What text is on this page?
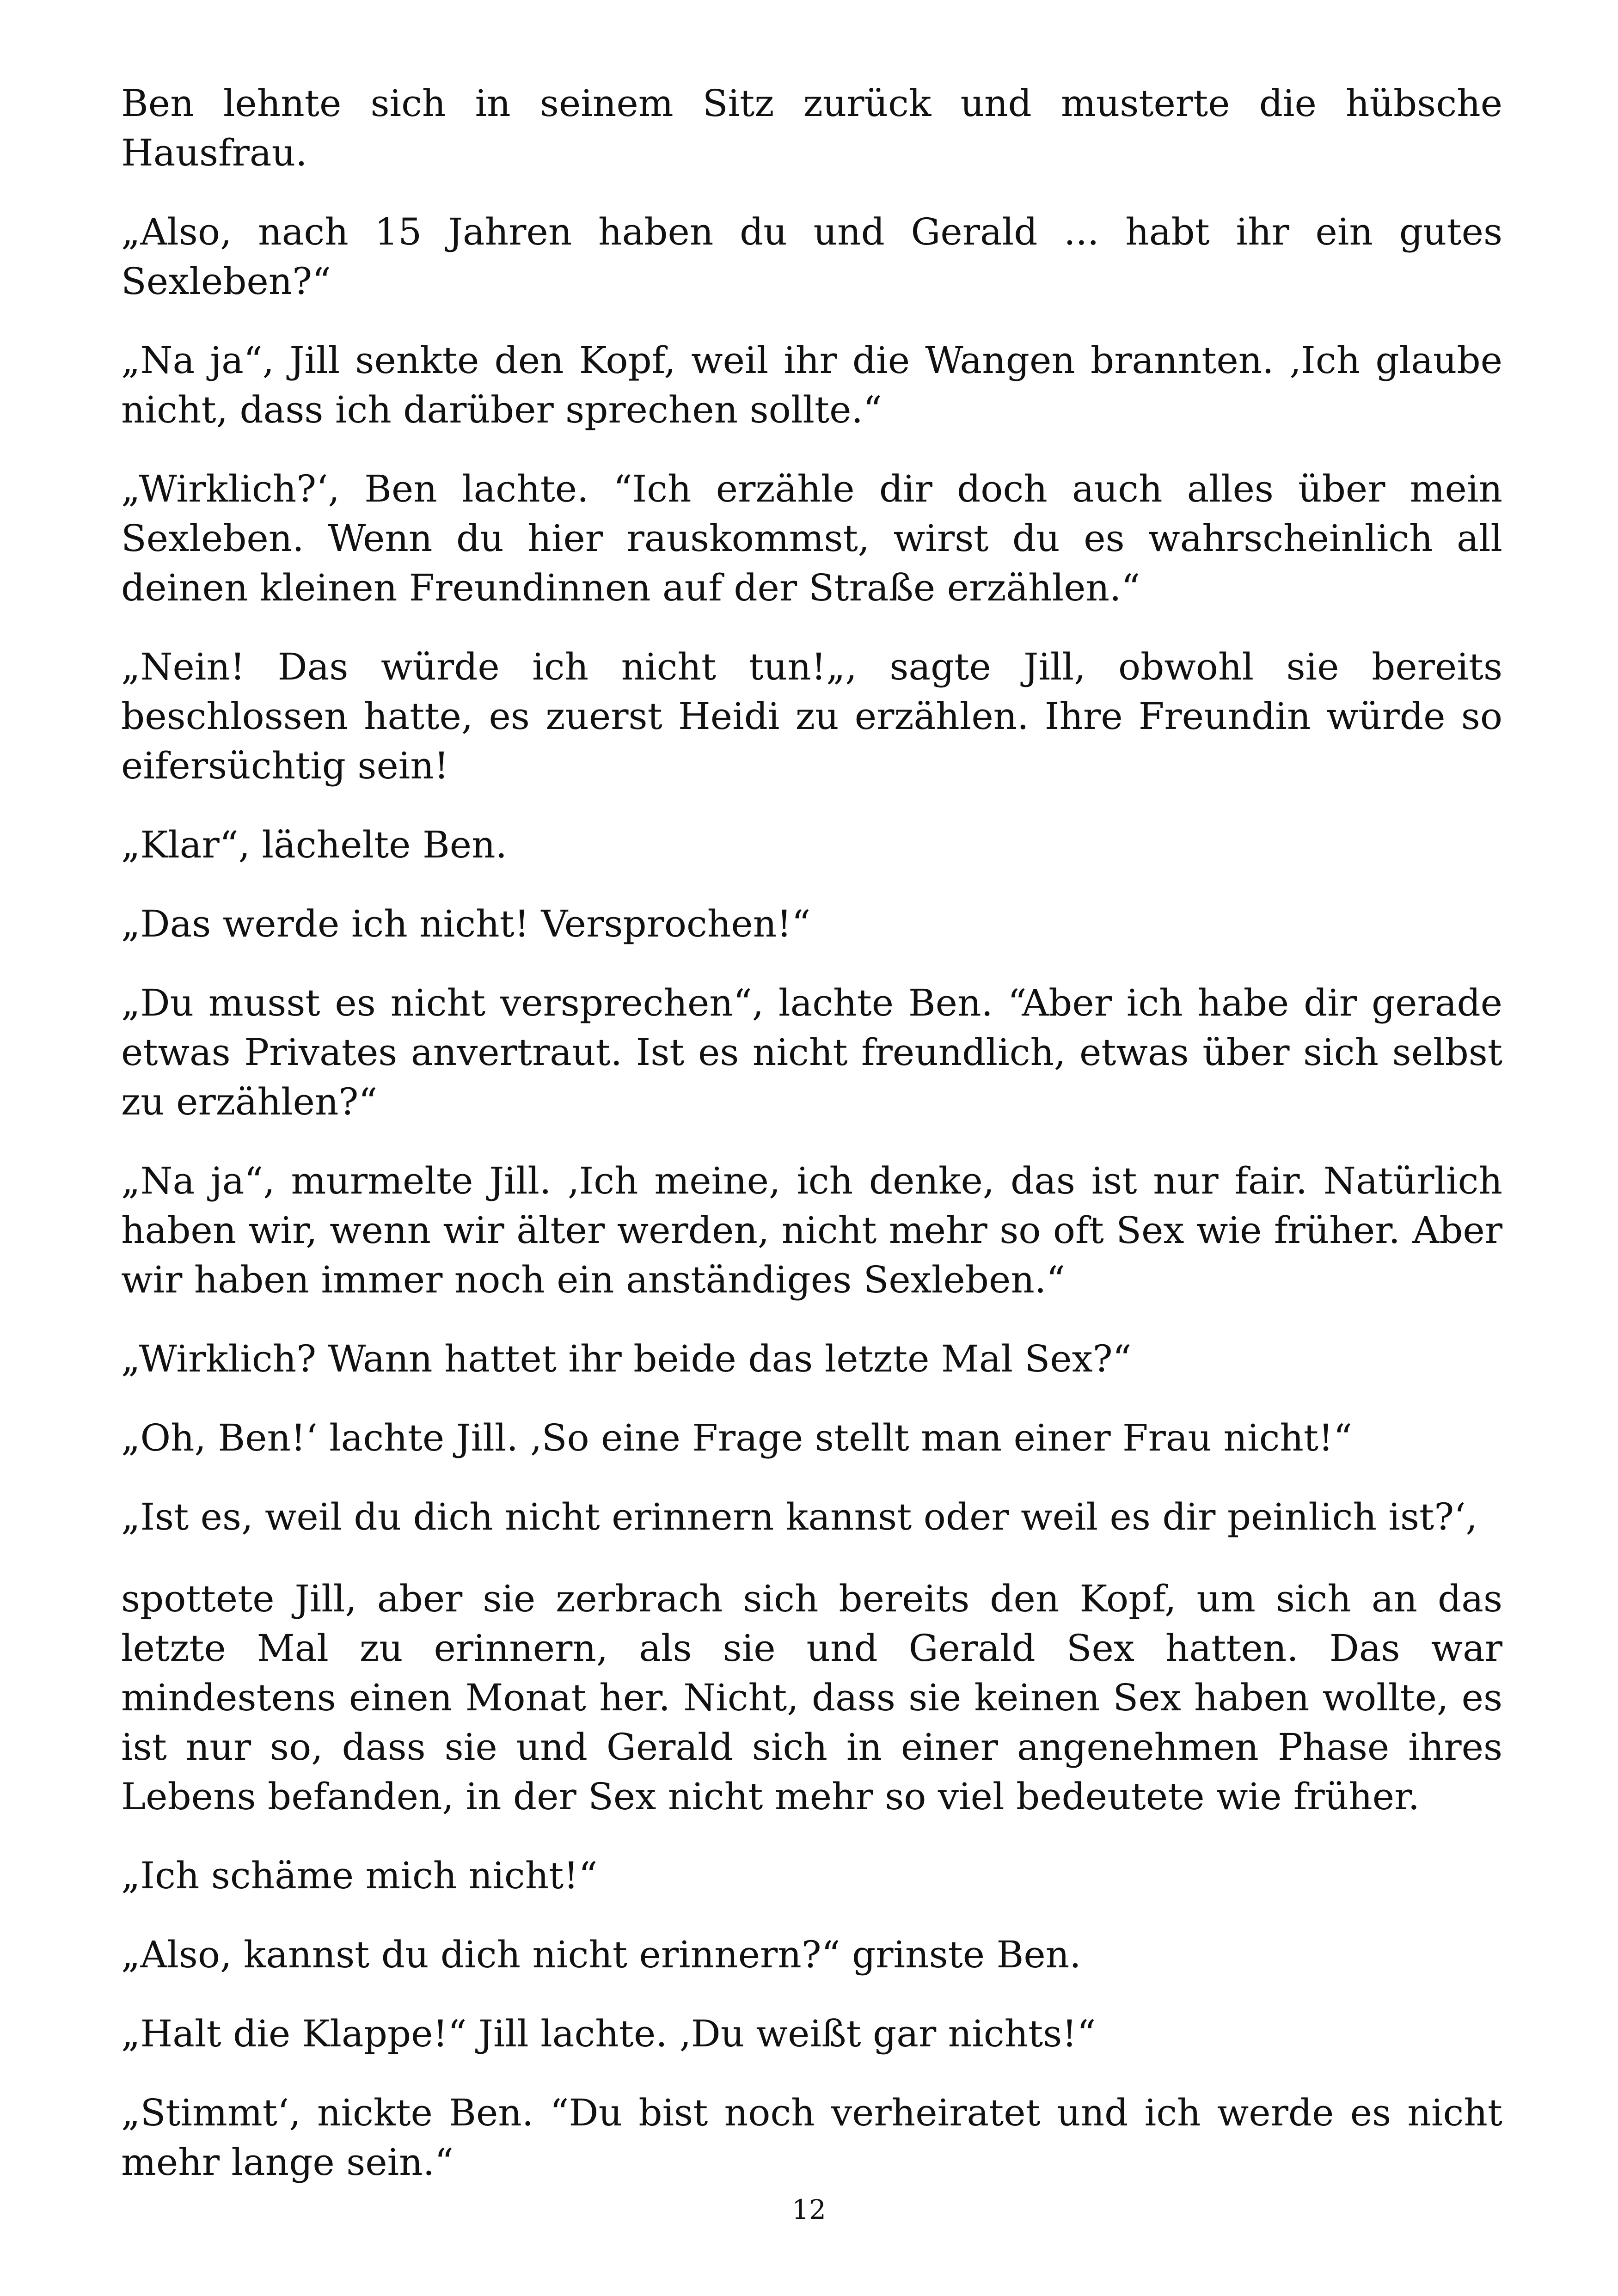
Ben lehnte sich in seinem Sitz zurück und musterte die hübsche Hausfrau.

„Also, nach 15 Jahren haben du und Gerald ... habt ihr ein gutes Sexleben?“

„Na ja“, Jill senkte den Kopf, weil ihr die Wangen brannten. ‚Ich glaube nicht, dass ich darüber sprechen sollte.“

„Wirklich?‘, Ben lachte. “Ich erzähle dir doch auch alles über mein Sexleben. Wenn du hier rauskommst, wirst du es wahrscheinlich all deinen kleinen Freundinnen auf der Straße erzählen.“

„Nein! Das würde ich nicht tun!„, sagte Jill, obwohl sie bereits beschlossen hatte, es zuerst Heidi zu erzählen. Ihre Freundin würde so eifersüchtig sein!

„Klar“, lächelte Ben.

„Das werde ich nicht! Versprochen!“

„Du musst es nicht versprechen“, lachte Ben. “Aber ich habe dir gerade etwas Privates anvertraut. Ist es nicht freundlich, etwas über sich selbst zu erzählen?“

„Na ja“, murmelte Jill. ‚Ich meine, ich denke, das ist nur fair. Natürlich haben wir, wenn wir älter werden, nicht mehr so oft Sex wie früher. Aber wir haben immer noch ein anständiges Sexleben.“

„Wirklich? Wann hattet ihr beide das letzte Mal Sex?“

„Oh, Ben!‘ lachte Jill. ‚So eine Frage stellt man einer Frau nicht!“

„Ist es, weil du dich nicht erinnern kannst oder weil es dir peinlich ist?‘,

spottete Jill, aber sie zerbrach sich bereits den Kopf, um sich an das letzte Mal zu erinnern, als sie und Gerald Sex hatten. Das war mindestens einen Monat her. Nicht, dass sie keinen Sex haben wollte, es ist nur so, dass sie und Gerald sich in einer angenehmen Phase ihres Lebens befanden, in der Sex nicht mehr so viel bedeutete wie früher.

„Ich schäme mich nicht!“

„Also, kannst du dich nicht erinnern?“ grinste Ben.

„Halt die Klappe!“ Jill lachte. ‚Du weißt gar nichts!“

„Stimmt‘, nickte Ben. “Du bist noch verheiratet und ich werde es nicht mehr lange sein.“

12
